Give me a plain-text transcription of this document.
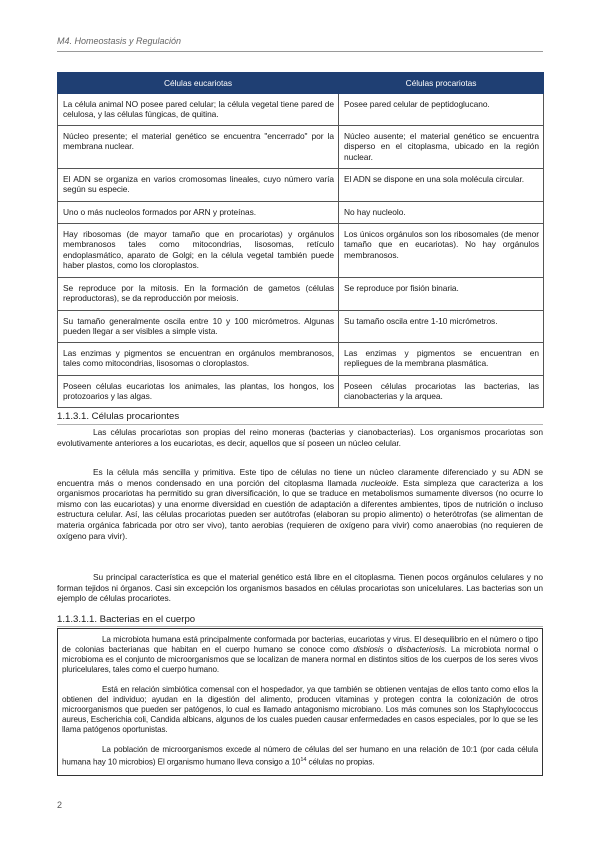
M4. Homeostasis y Regulación
Células eucariotas	Células procariotas
La célula animal NO posee pared celular; la célula vegetal tiene pared de celulosa, y las células fúngicas, de quitina.	Posee pared celular de peptidoglucano.
Núcleo presente; el material genético se encuentra "encerrado" por la membrana nuclear.	Núcleo ausente; el material genético se encuentra disperso en el citoplasma, ubicado en la región nuclear.
El ADN se organiza en varios cromosomas lineales, cuyo número varía según su especie.	El ADN se dispone en una sola molécula circular.
Uno o más nucleolos formados por ARN y proteínas.	No hay nucleolo.
Hay ribosomas (de mayor tamaño que en procariotas) y orgánulos membranosos tales como mitocondrias, lisosomas, retículo endoplasmático, aparato de Golgi; en la célula vegetal también puede haber plastos, como los cloroplastos.	Los únicos orgánulos son los ribosomales (de menor tamaño que en eucariotas). No hay orgánulos membranosos.
Se reproduce por la mitosis. En la formación de gametos (células reproductoras), se da reproducción por meiosis.	Se reproduce por fisión binaria.
Su tamaño generalmente oscila entre 10 y 100 micrómetros. Algunas pueden llegar a ser visibles a simple vista.	Su tamaño oscila entre 1-10 micrómetros.
Las enzimas y pigmentos se encuentran en orgánulos membranosos, tales como mitocondrias, lisosomas o cloroplastos.	Las enzimas y pigmentos se encuentran en repliegues de la membrana plasmática.
Poseen células eucariotas los animales, las plantas, los hongos, los protozoarios y las algas.	Poseen células procariotas las bacterias, las cianobacterias y la arquea.
1.1.3.1. Células procariontes

Las células procariotas son propias del reino moneras (bacterias y cianobacterias). Los organismos procariotas son evolutivamente anteriores a los eucariotas, es decir, aquellos que sí poseen un núcleo celular.

Es la célula más sencilla y primitiva. Este tipo de células no tiene un núcleo claramente diferenciado y su ADN se encuentra más o menos condensado en una porción del citoplasma llamada nucleoide. Esta simpleza que caracteriza a los organismos procariotas ha permitido su gran diversificación, lo que se traduce en metabolismos sumamente diversos (no ocurre lo mismo con las eucariotas) y una enorme diversidad en cuestión de adaptación a diferentes ambientes, tipos de nutrición o incluso estructura celular. Así, las células procariotas pueden ser autótrofas (elaboran su propio alimento) o heterótrofas (se alimentan de materia orgánica fabricada por otro ser vivo), tanto aerobias (requieren de oxígeno para vivir) como anaerobias (no requieren de oxígeno para vivir).

Su principal característica es que el material genético está libre en el citoplasma. Tienen pocos orgánulos celulares y no forman tejidos ni órganos. Casi sin excepción los organismos basados en células procariotas son unicelulares. Las bacterias son un ejemplo de células procariotes.

1.1.3.1.1. Bacterias en el cuerpo

La microbiota humana está principalmente conformada por bacterias, eucariotas y virus. El desequilibrio en el número o tipo de colonias bacterianas que habitan en el cuerpo humano se conoce como disbiosis o disbacteriosis. La microbiota normal o microbioma es el conjunto de microorganismos que se localizan de manera normal en distintos sitios de los cuerpos de los seres vivos pluricelulares, tales como el cuerpo humano.

Está en relación simbiótica comensal con el hospedador, ya que también se obtienen ventajas de ellos tanto como ellos la obtienen del individuo; ayudan en la digestión del alimento, producen vitaminas y protegen contra la colonización de otros microorganismos que pueden ser patógenos, lo cual es llamado antagonismo microbiano. Los más comunes son los Staphylococcus aureus, Escherichia coli, Candida albicans, algunos de los cuales pueden causar enfermedades en casos especiales, por lo que se les llama patógenos oportunistas.

La población de microorganismos excede al número de células del ser humano en una relación de 10:1 (por cada célula humana hay 10 microbios) El organismo humano lleva consigo a $10^{14}$ células no propias.

2
